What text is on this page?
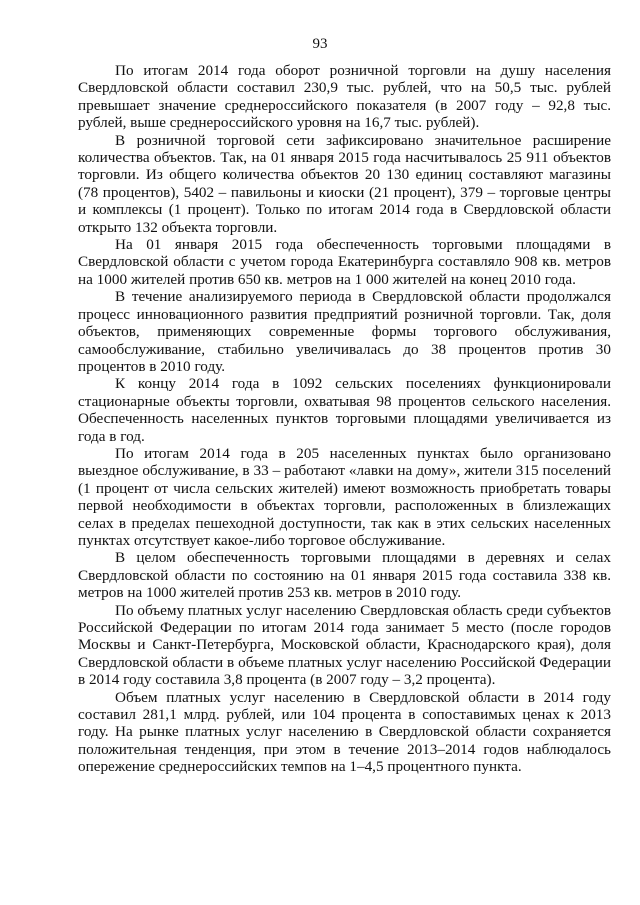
93

По итогам 2014 года оборот розничной торговли на душу населения Свердловской области составил 230,9 тыс. рублей, что на 50,5 тыс. рублей превышает значение среднероссийского показателя (в 2007 году – 92,8 тыс. рублей, выше среднероссийского уровня на 16,7 тыс. рублей).

В розничной торговой сети зафиксировано значительное расширение количества объектов. Так, на 01 января 2015 года насчитывалось 25 911 объектов торговли. Из общего количества объектов 20 130 единиц составляют магазины (78 процентов), 5402 – павильоны и киоски (21 процент), 379 – торговые центры и комплексы (1 процент). Только по итогам 2014 года в Свердловской области открыто 132 объекта торговли.

На 01 января 2015 года обеспеченность торговыми площадями в Свердловской области с учетом города Екатеринбурга составляло 908 кв. метров на 1000 жителей против 650 кв. метров на 1 000 жителей на конец 2010 года.

В течение анализируемого периода в Свердловской области продолжался процесс инновационного развития предприятий розничной торговли. Так, доля объектов, применяющих современные формы торгового обслуживания, самообслуживание, стабильно увеличивалась до 38 процентов против 30 процентов в 2010 году.

К концу 2014 года в 1092 сельских поселениях функционировали стационарные объекты торговли, охватывая 98 процентов сельского населения. Обеспеченность населенных пунктов торговыми площадями увеличивается из года в год.

По итогам 2014 года в 205 населенных пунктах было организовано выездное обслуживание, в 33 – работают «лавки на дому», жители 315 поселений (1 процент от числа сельских жителей) имеют возможность приобретать товары первой необходимости в объектах торговли, расположенных в близлежащих селах в пределах пешеходной доступности, так как в этих сельских населенных пунктах отсутствует какое-либо торговое обслуживание.

В целом обеспеченность торговыми площадями в деревнях и селах Свердловской области по состоянию на 01 января 2015 года составила 338 кв. метров на 1000 жителей против 253 кв. метров в 2010 году.

По объему платных услуг населению Свердловская область среди субъектов Российской Федерации по итогам 2014 года занимает 5 место (после городов Москвы и Санкт-Петербурга, Московской области, Краснодарского края), доля Свердловской области в объеме платных услуг населению Российской Федерации в 2014 году составила 3,8 процента (в 2007 году – 3,2 процента).

Объем платных услуг населению в Свердловской области в 2014 году составил 281,1 млрд. рублей, или 104 процента в сопоставимых ценах к 2013 году. На рынке платных услуг населению в Свердловской области сохраняется положительная тенденция, при этом в течение 2013–2014 годов наблюдалось опережение среднероссийских темпов на 1–4,5 процентного пункта.
